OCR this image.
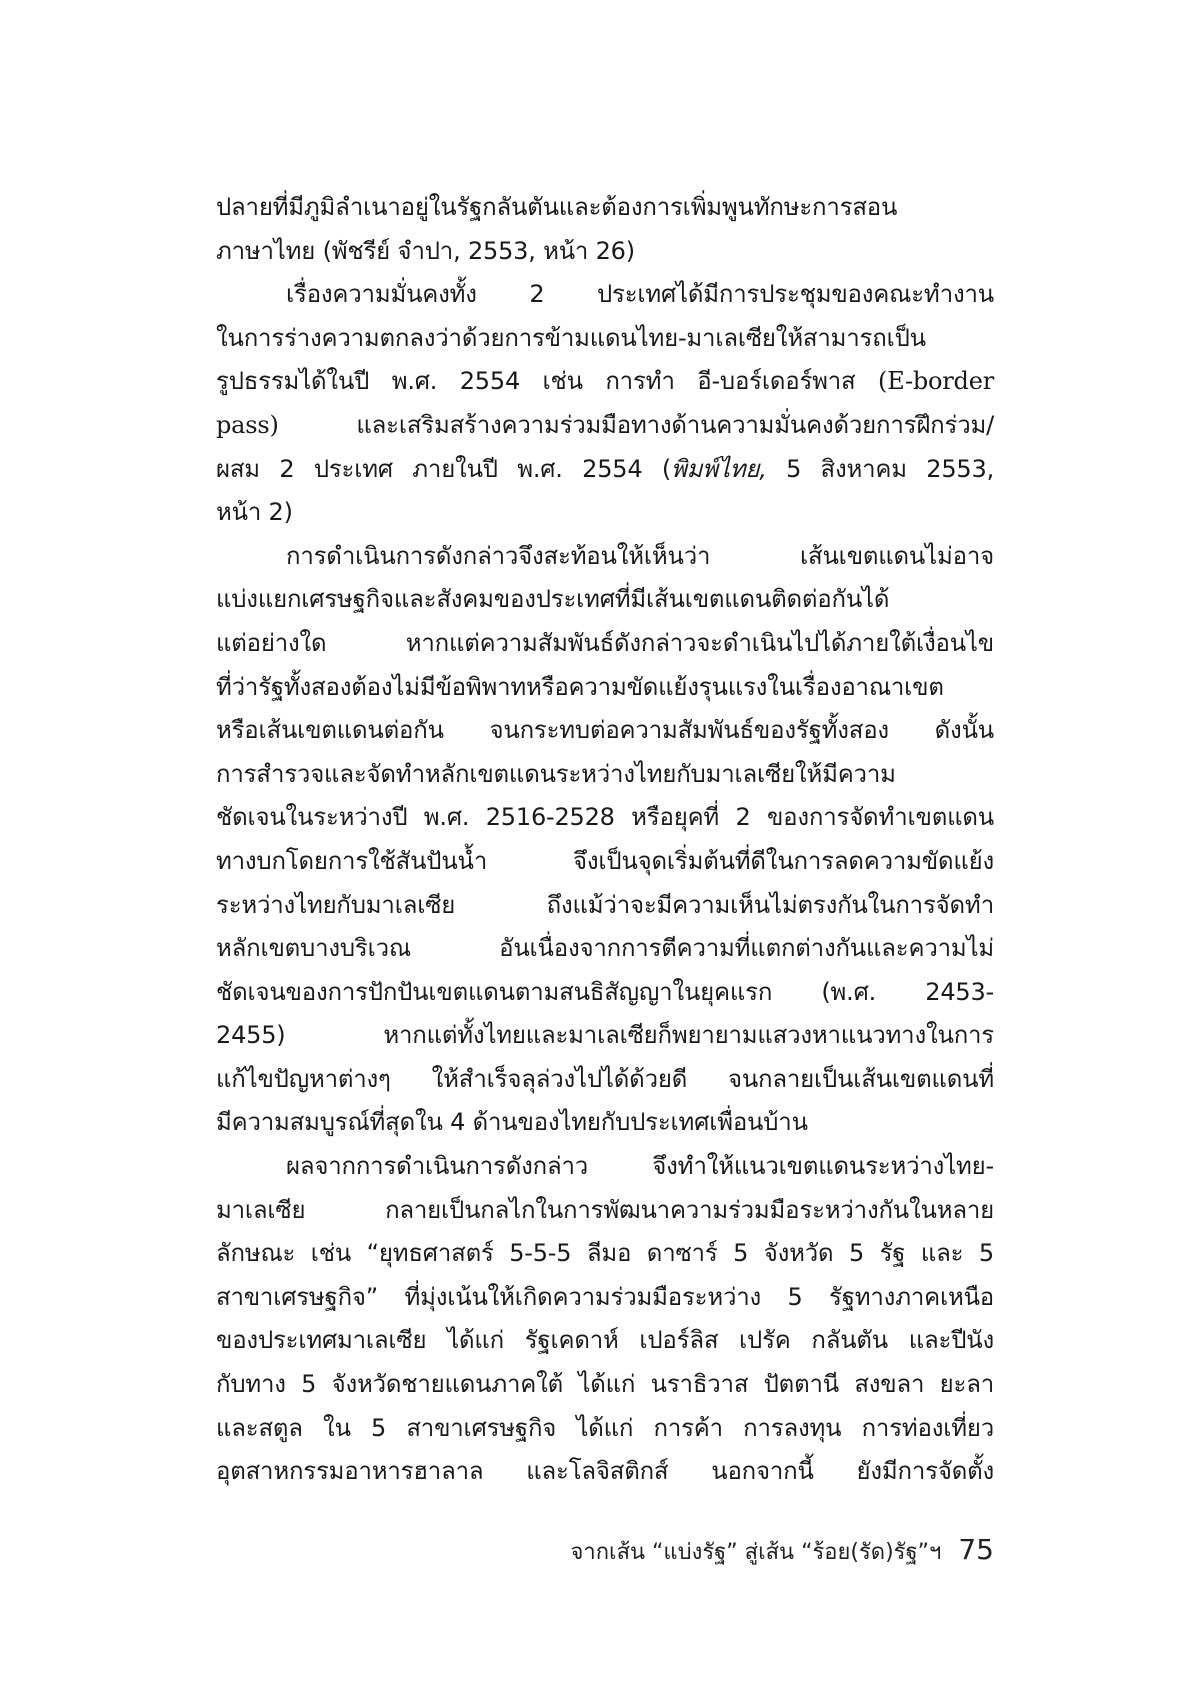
ปลายที่มีภูมิลำเนาอยู่ในรัฐกลันตันและต้องการเพิ่มพูนทักษะการสอน
ภาษาไทย (พัชรีย์ จำปา, 2553, หน้า 26)
เรื่องความมั่นคงทั้ง 2 ประเทศได้มีการประชุมของคณะทำงาน
ในการร่างความตกลงว่าด้วยการข้ามแดนไทย-มาเลเซียให้สามารถเป็น
รูปธรรมได้ในปี พ.ศ. 2554 เช่น การทำ อี-บอร์เดอร์พาส (E-border
pass)	และเสริมสร้างความร่วมมือทางด้านความมั่นคงด้วยการฝึกร่วม/
ผสม 2 ประเทศ ภายในปี พ.ศ. 2554 (พิมพ์ไทย, 5 สิงหาคม 2553,
หน้า 2)
การดำเนินการดังกล่าวจึงสะท้อนให้เห็นว่า เส้นเขตแดนไม่อาจ
แบ่งแยกเศรษฐกิจและสังคมของประเทศที่มีเส้นเขตแดนติดต่อกันได้
แต่อย่างใด หากแต่ความสัมพันธ์ดังกล่าวจะดำเนินไปได้ภายใต้เงื่อนไข
ที่ว่ารัฐทั้งสองต้องไม่มีข้อพิพาทหรือความขัดแย้งรุนแรงในเรื่องอาณาเขต
หรือเส้นเขตแดนต่อกัน จนกระทบต่อความสัมพันธ์ของรัฐทั้งสอง ดังนั้น
การสำรวจและจัดทำหลักเขตแดนระหว่างไทยกับมาเลเซียให้มีความ
ชัดเจนในระหว่างปี พ.ศ. 2516-2528 หรือยุคที่ 2 ของการจัดทำเขตแดน
ทางบกโดยการใช้สันปันน้ำ จึงเป็นจุดเริ่มต้นที่ดีในการลดความขัดแย้ง
ระหว่างไทยกับมาเลเซีย ถึงแม้ว่าจะมีความเห็นไม่ตรงกันในการจัดทำ
หลักเขตบางบริเวณ อันเนื่องจากการตีความที่แตกต่างกันและความไม่
ชัดเจนของการปักปันเขตแดนตามสนธิสัญญาในยุคแรก (พ.ศ. 2453-
2455) หากแต่ทั้งไทยและมาเลเซียก็พยายามแสวงหาแนวทางในการ
แก้ไขปัญหาต่างๆ ให้สำเร็จลุล่วงไปได้ด้วยดี จนกลายเป็นเส้นเขตแดนที่
มีความสมบูรณ์ที่สุดใน 4 ด้านของไทยกับประเทศเพื่อนบ้าน
ผลจากการดำเนินการดังกล่าว จึงทำให้แนวเขตแดนระหว่างไทย-
มาเลเซีย กลายเป็นกลไกในการพัฒนาความร่วมมือระหว่างกันในหลาย
ลักษณะ เช่น “ยุทธศาสตร์ 5-5-5 ลีมอ ดาซาร์ 5 จังหวัด 5 รัฐ และ 5
สาขาเศรษฐกิจ” ที่มุ่งเน้นให้เกิดความร่วมมือระหว่าง 5 รัฐทางภาคเหนือ
ของประเทศมาเลเซีย ได้แก่ รัฐเคดาห์ เปอร์ลิส เปรัค กลันตัน และปีนัง
กับทาง 5 จังหวัดชายแดนภาคใต้ ได้แก่ นราธิวาส ปัตตานี สงขลา ยะลา
และสตูล ใน 5 สาขาเศรษฐกิจ ได้แก่ การค้า การลงทุน การท่องเที่ยว
อุตสาหกรรมอาหารฮาลาล และโลจิสติกส์ นอกจากนี้ ยังมีการจัดตั้ง
จากเส้น “แบ่งรัฐ” สู่เส้น “ร้อย(รัด)รัฐ”ฯ 75
